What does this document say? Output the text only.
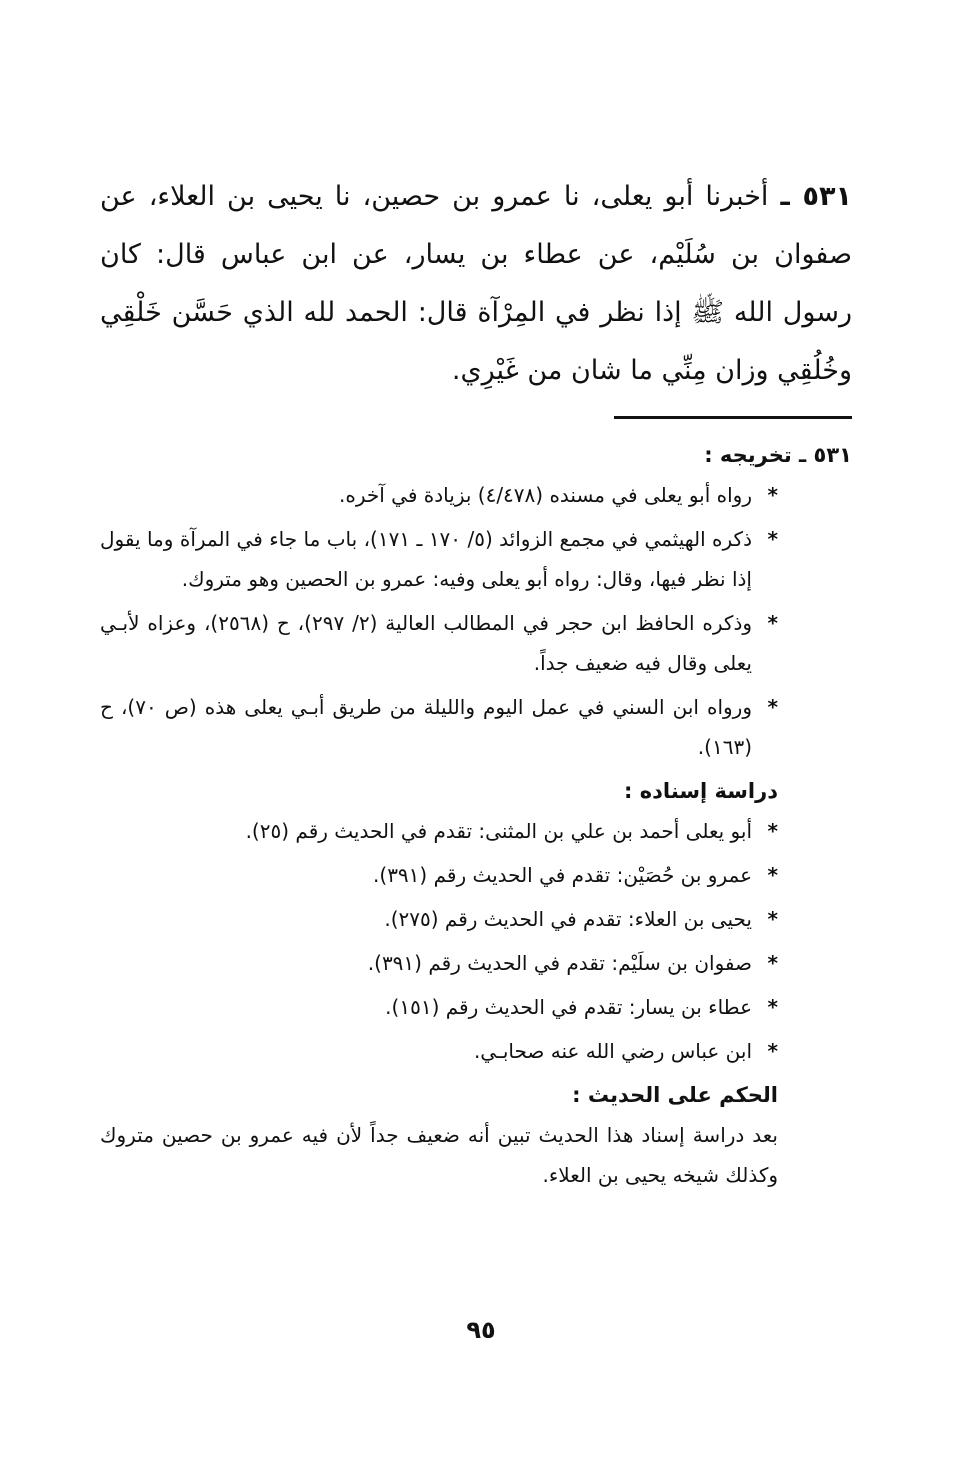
٥٣١ ـ أخبرنا أبو يعلى، نا عمرو بن حصين، نا يحيى بن العلاء، عن صفوان بن سُلَيْم، عن عطاء بن يسار، عن ابن عباس قال: كان رسول الله ﷺ إذا نظر في المِرْآة قال: الحمد لله الذي حَسَّن خَلْقِي وخُلُقِي وزان مِنِّي ما شان من غَيْرِي.

٥٣١ ـ تخريجه :

*
رواه أبو يعلى في مسنده (٤/٤٧٨) بزيادة في آخره.
*
ذكره الهيثمي في مجمع الزوائد (٥/ ١٧٠ ـ ١٧١)، باب ما جاء في المرآة وما يقول إذا نظر فيها، وقال: رواه أبو يعلى وفيه: عمرو بن الحصين وهو متروك.
*
وذكره الحافظ ابن حجر في المطالب العالية (٢/ ٢٩٧)، ح (٢٥٦٨)، وعزاه لأبـي يعلى وقال فيه ضعيف جداً.
*
ورواه ابن السني في عمل اليوم والليلة من طريق أبـي يعلى هذه (ص ٧٠)، ح (١٦٣).

دراسة إسناده :

*
أبو يعلى أحمد بن علي بن المثنى: تقدم في الحديث رقم (٢٥).
*
عمرو بن حُصَيْن: تقدم في الحديث رقم (٣٩١).
*
يحيى بن العلاء: تقدم في الحديث رقم (٢٧٥).
*
صفوان بن سلَيْم: تقدم في الحديث رقم (٣٩١).
*
عطاء بن يسار: تقدم في الحديث رقم (١٥١).
*
ابن عباس رضي الله عنه صحابـي.

الحكم على الحديث :

بعد دراسة إسناد هذا الحديث تبين أنه ضعيف جداً لأن فيه عمرو بن حصين متروك وكذلك شيخه يحيى بن العلاء.

٩٥
